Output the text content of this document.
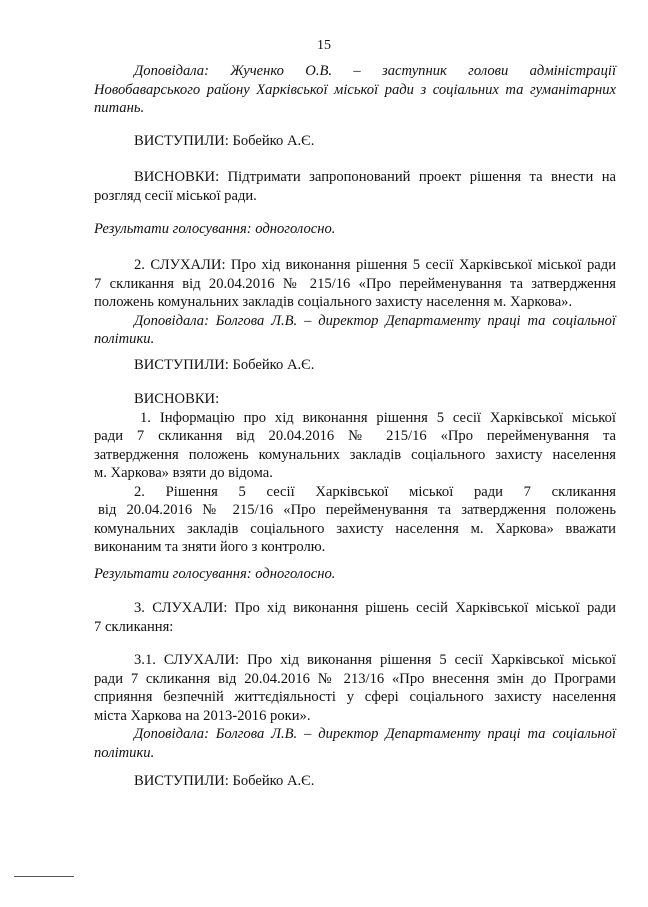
15
Доповідала: Жученко О.В. – заступник голови адміністрації
Новобаварського району Харківської міської ради з соціальних та гуманітарних
питань.
ВИСТУПИЛИ: Бобейко А.Є.
ВИСНОВКИ: Підтримати запропонований проект рішення та внести на
розгляд сесії міської ради.
Результати голосування: одноголосно.
2. СЛУХАЛИ: Про хід виконання рішення 5 сесії Харківської міської ради
7 скликання від 20.04.2016 № 215/16 «Про перейменування та затвердження
положень комунальних закладів соціального захисту населення м. Харкова».
Доповідала: Болгова Л.В. – директор Департаменту праці та соціальної
політики.
ВИСТУПИЛИ: Бобейко А.Є.
ВИСНОВКИ:
1. Інформацію про хід виконання рішення 5 сесії Харківської міської
ради 7 скликання від 20.04.2016 № 215/16 «Про перейменування та
затвердження положень комунальних закладів соціального захисту населення
м. Харкова» взяти до відома.
2. Рішення 5 сесії Харківської міської ради 7 скликання
від 20.04.2016 № 215/16 «Про перейменування та затвердження положень
комунальних закладів соціального захисту населення м. Харкова» вважати
виконаним та зняти його з контролю.
Результати голосування: одноголосно.
3. СЛУХАЛИ: Про хід виконання рішень сесій Харківської міської ради
7 скликання:
3.1. СЛУХАЛИ: Про хід виконання рішення 5 сесії Харківської міської
ради 7 скликання від 20.04.2016 № 213/16 «Про внесення змін до Програми
сприяння безпечній життєдіяльності у сфері соціального захисту населення
міста Харкова на 2013-2016 роки».
Доповідала: Болгова Л.В. – директор Департаменту праці та соціальної
політики.
ВИСТУПИЛИ: Бобейко А.Є.
